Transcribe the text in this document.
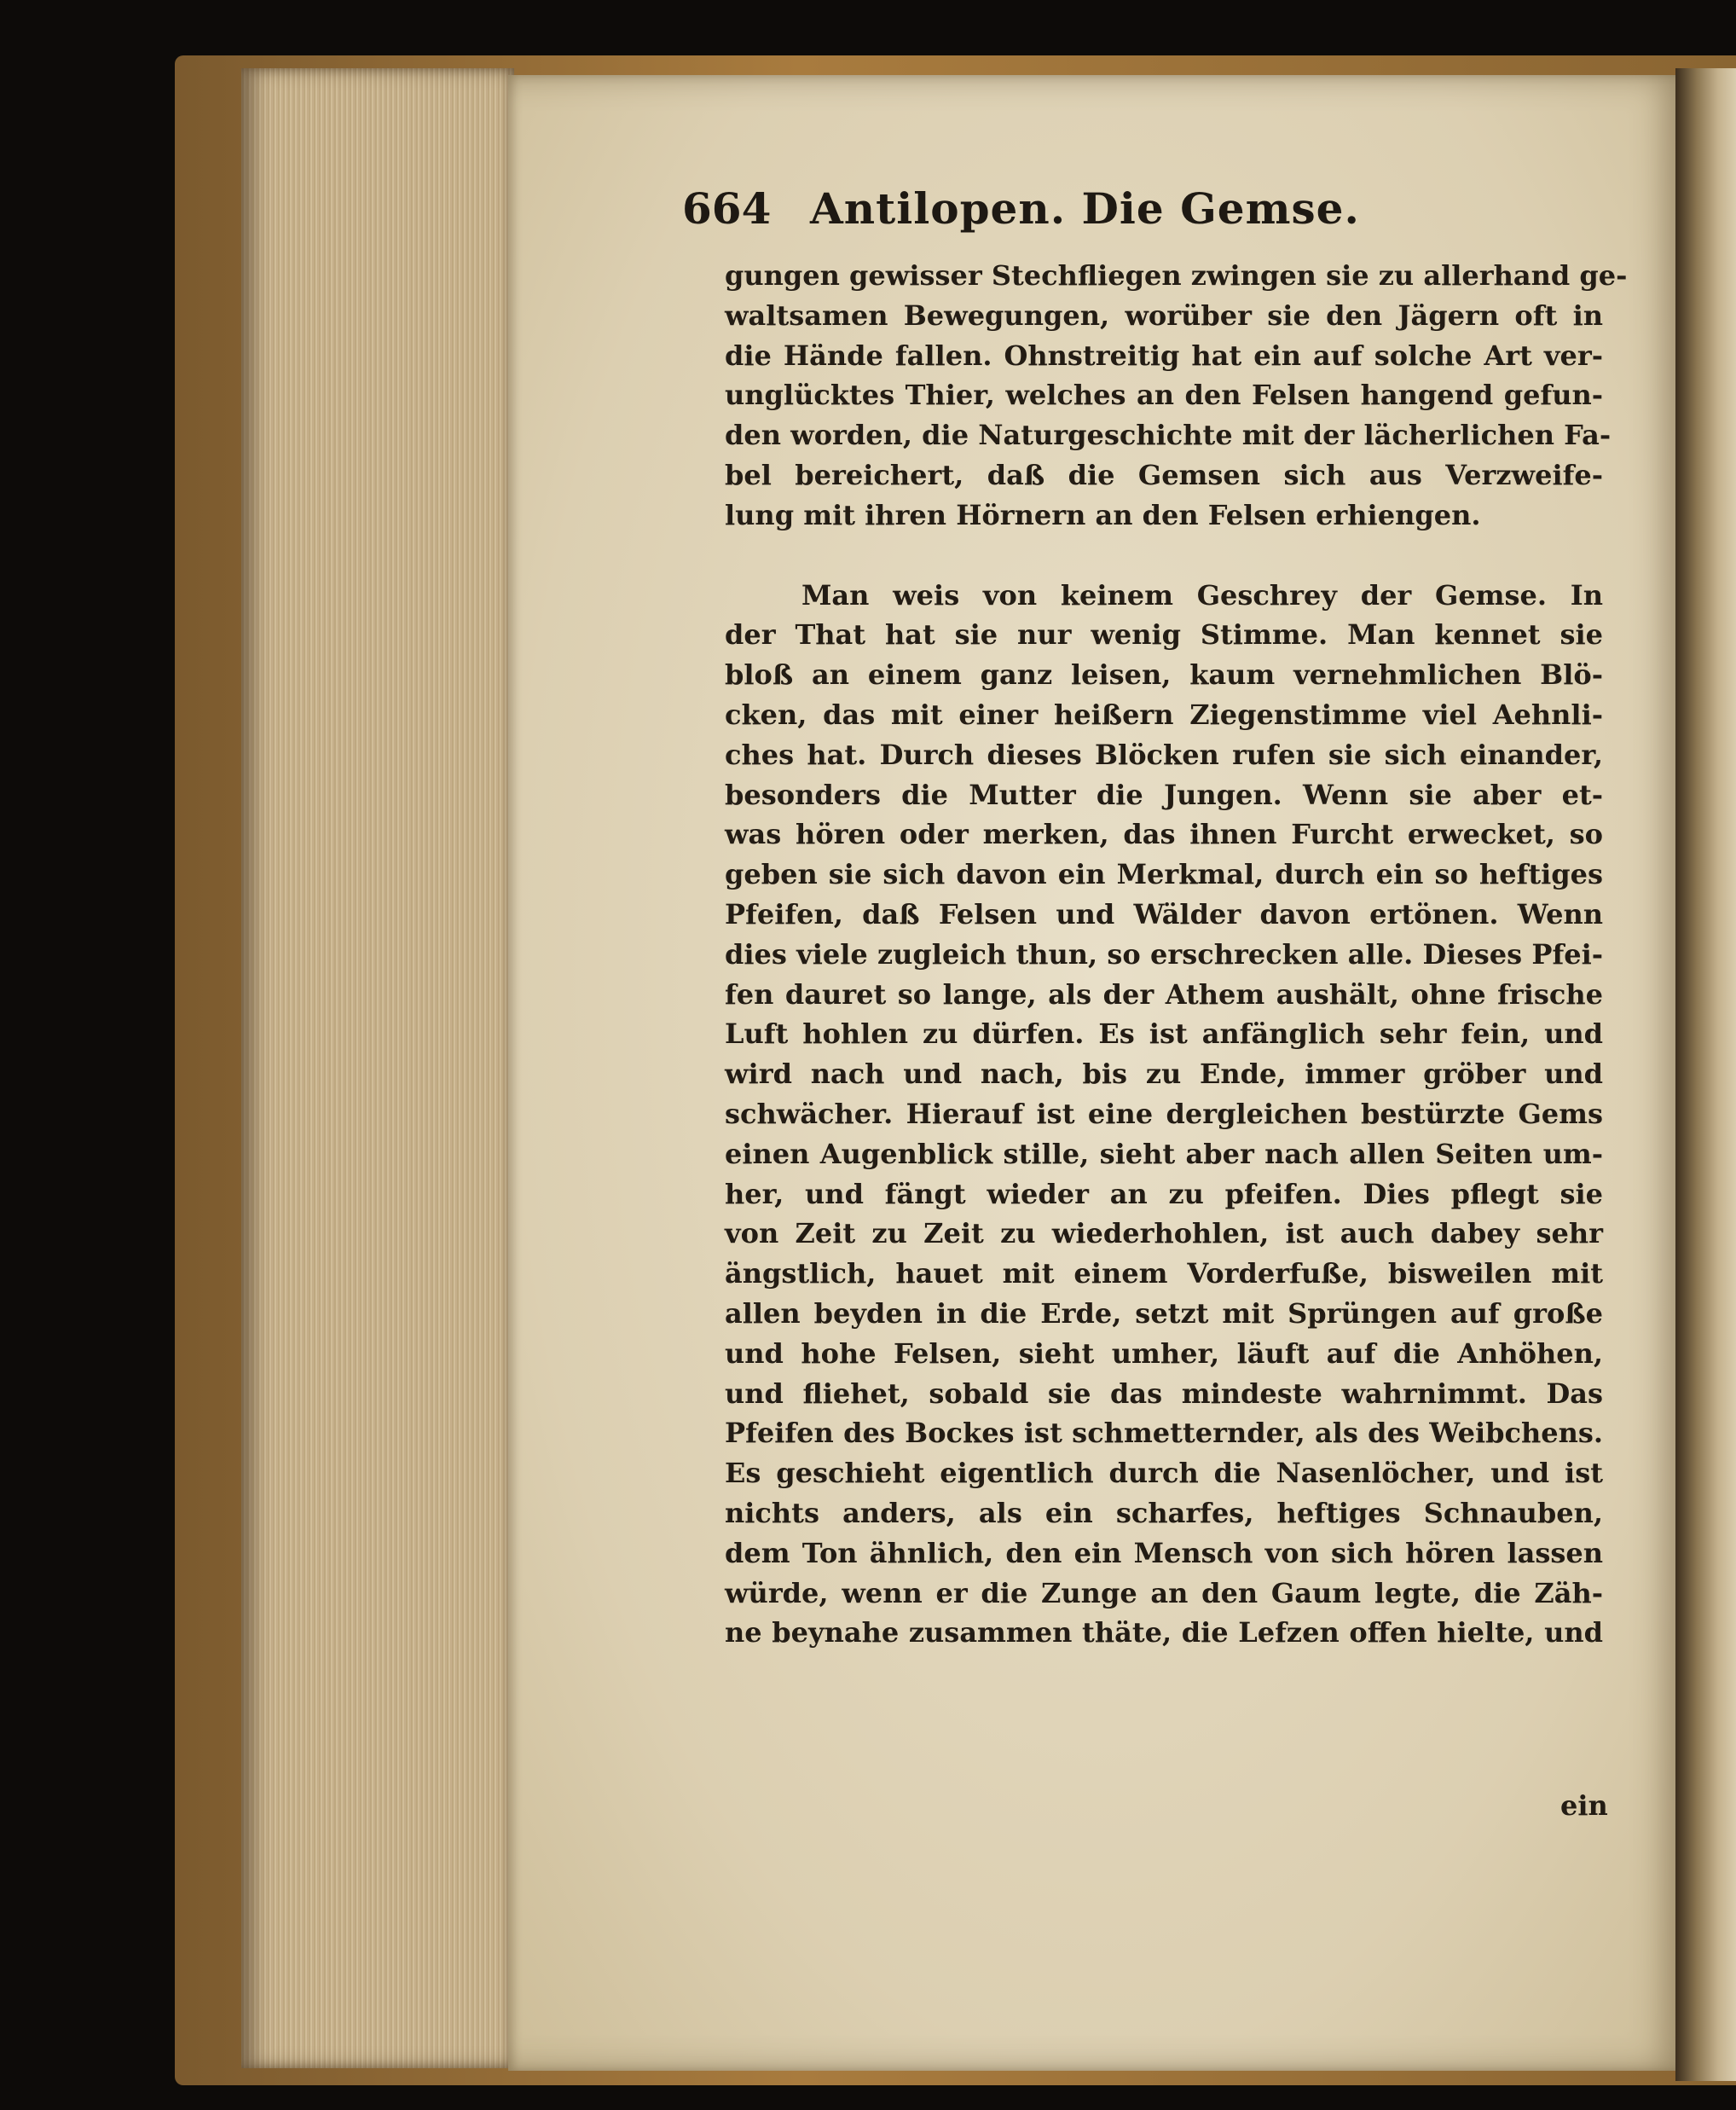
664 Antilopen. Die Gemse.
gungen gewisser Stechfliegen zwingen sie zu allerhand ge-
waltsamen Bewegungen, worüber sie den Jägern oft in
die Hände fallen. Ohnstreitig hat ein auf solche Art ver-
unglücktes Thier, welches an den Felsen hangend gefun-
den worden, die Naturgeschichte mit der lächerlichen Fa-
bel bereichert, daß die Gemsen sich aus Verzweife-
lung mit ihren Hörnern an den Felsen erhiengen.
Man weis von keinem Geschrey der Gemse. In
der That hat sie nur wenig Stimme. Man kennet sie
bloß an einem ganz leisen, kaum vernehmlichen Blö-
cken, das mit einer heißern Ziegenstimme viel Aehnli-
ches hat. Durch dieses Blöcken rufen sie sich einander,
besonders die Mutter die Jungen. Wenn sie aber et-
was hören oder merken, das ihnen Furcht erwecket, so
geben sie sich davon ein Merkmal, durch ein so heftiges
Pfeifen, daß Felsen und Wälder davon ertönen. Wenn
dies viele zugleich thun, so erschrecken alle. Dieses Pfei-
fen dauret so lange, als der Athem aushält, ohne frische
Luft hohlen zu dürfen. Es ist anfänglich sehr fein, und
wird nach und nach, bis zu Ende, immer gröber und
schwächer. Hierauf ist eine dergleichen bestürzte Gems
einen Augenblick stille, sieht aber nach allen Seiten um-
her, und fängt wieder an zu pfeifen. Dies pflegt sie
von Zeit zu Zeit zu wiederhohlen, ist auch dabey sehr
ängstlich, hauet mit einem Vorderfuße, bisweilen mit
allen beyden in die Erde, setzt mit Sprüngen auf große
und hohe Felsen, sieht umher, läuft auf die Anhöhen,
und fliehet, sobald sie das mindeste wahrnimmt. Das
Pfeifen des Bockes ist schmetternder, als des Weibchens.
Es geschieht eigentlich durch die Nasenlöcher, und ist
nichts anders, als ein scharfes, heftiges Schnauben,
dem Ton ähnlich, den ein Mensch von sich hören lassen
würde, wenn er die Zunge an den Gaum legte, die Zäh-
ne beynahe zusammen thäte, die Lefzen offen hielte, und
ein
